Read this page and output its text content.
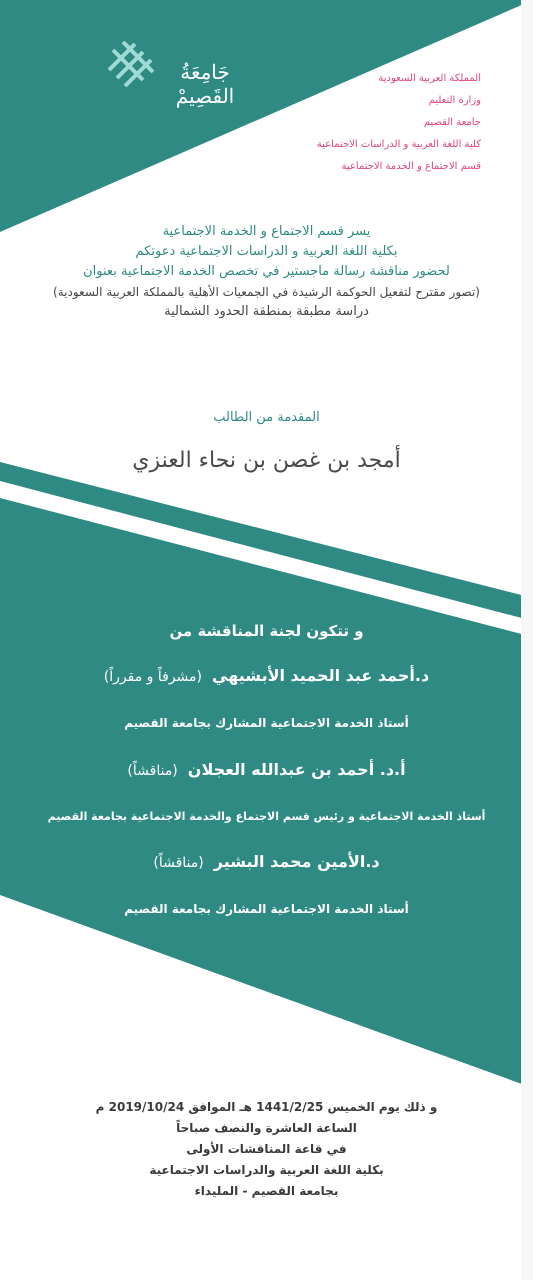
Qassim
University	جَامِعَةُ القَصِيمْ
المملكة العربية السعودية
وزارة التعليم
جامعة القصيم
كلية اللغة العربية و الدراسات الاجتماعية
قسم الاجتماع و الخدمة الاجتماعية
يسر قسم الاجتماع و الخدمة الاجتماعية
بكلية اللغة العربية و الدراسات الاجتماعية دعوتكم
لحضور مناقشة رسالة ماجستير في تخصص الخدمة الاجتماعية بعنوان
(تصور مقترح لتفعيل الحوكمة الرشيدة في الجمعيات الأهلية بالمملكة العربية السعودية)
دراسة مطبقة بمنطقة الحدود الشمالية
المقدمة من الطالب
أمجد بن غصن بن نحاء العنزي
و تتكون لجنة المناقشة من
د.أحمد عبد الحميد الأبشيهي(مشرفاً و مقرراً)
أستاذ الخدمة الاجتماعية المشارك بجامعة القصيم
أ.د. أحمد بن عبدالله العجلان(مناقشاً)
أستاذ الخدمة الاجتماعية و رئيس قسم الاجتماع والخدمة الاجتماعية بجامعة القصيم
د.الأمين محمد البشير(مناقشاً)
أستاذ الخدمة الاجتماعية المشارك بجامعة القصيم
و ذلك يوم الخميس 1441/2/25 هـ الموافق 2019/10/24 م
الساعة العاشرة والنصف صباحاً
في قاعة المناقشات الأولى
بكلية اللغة العربية والدراسات الاجتماعية
بجامعة القصيم - المليداء
